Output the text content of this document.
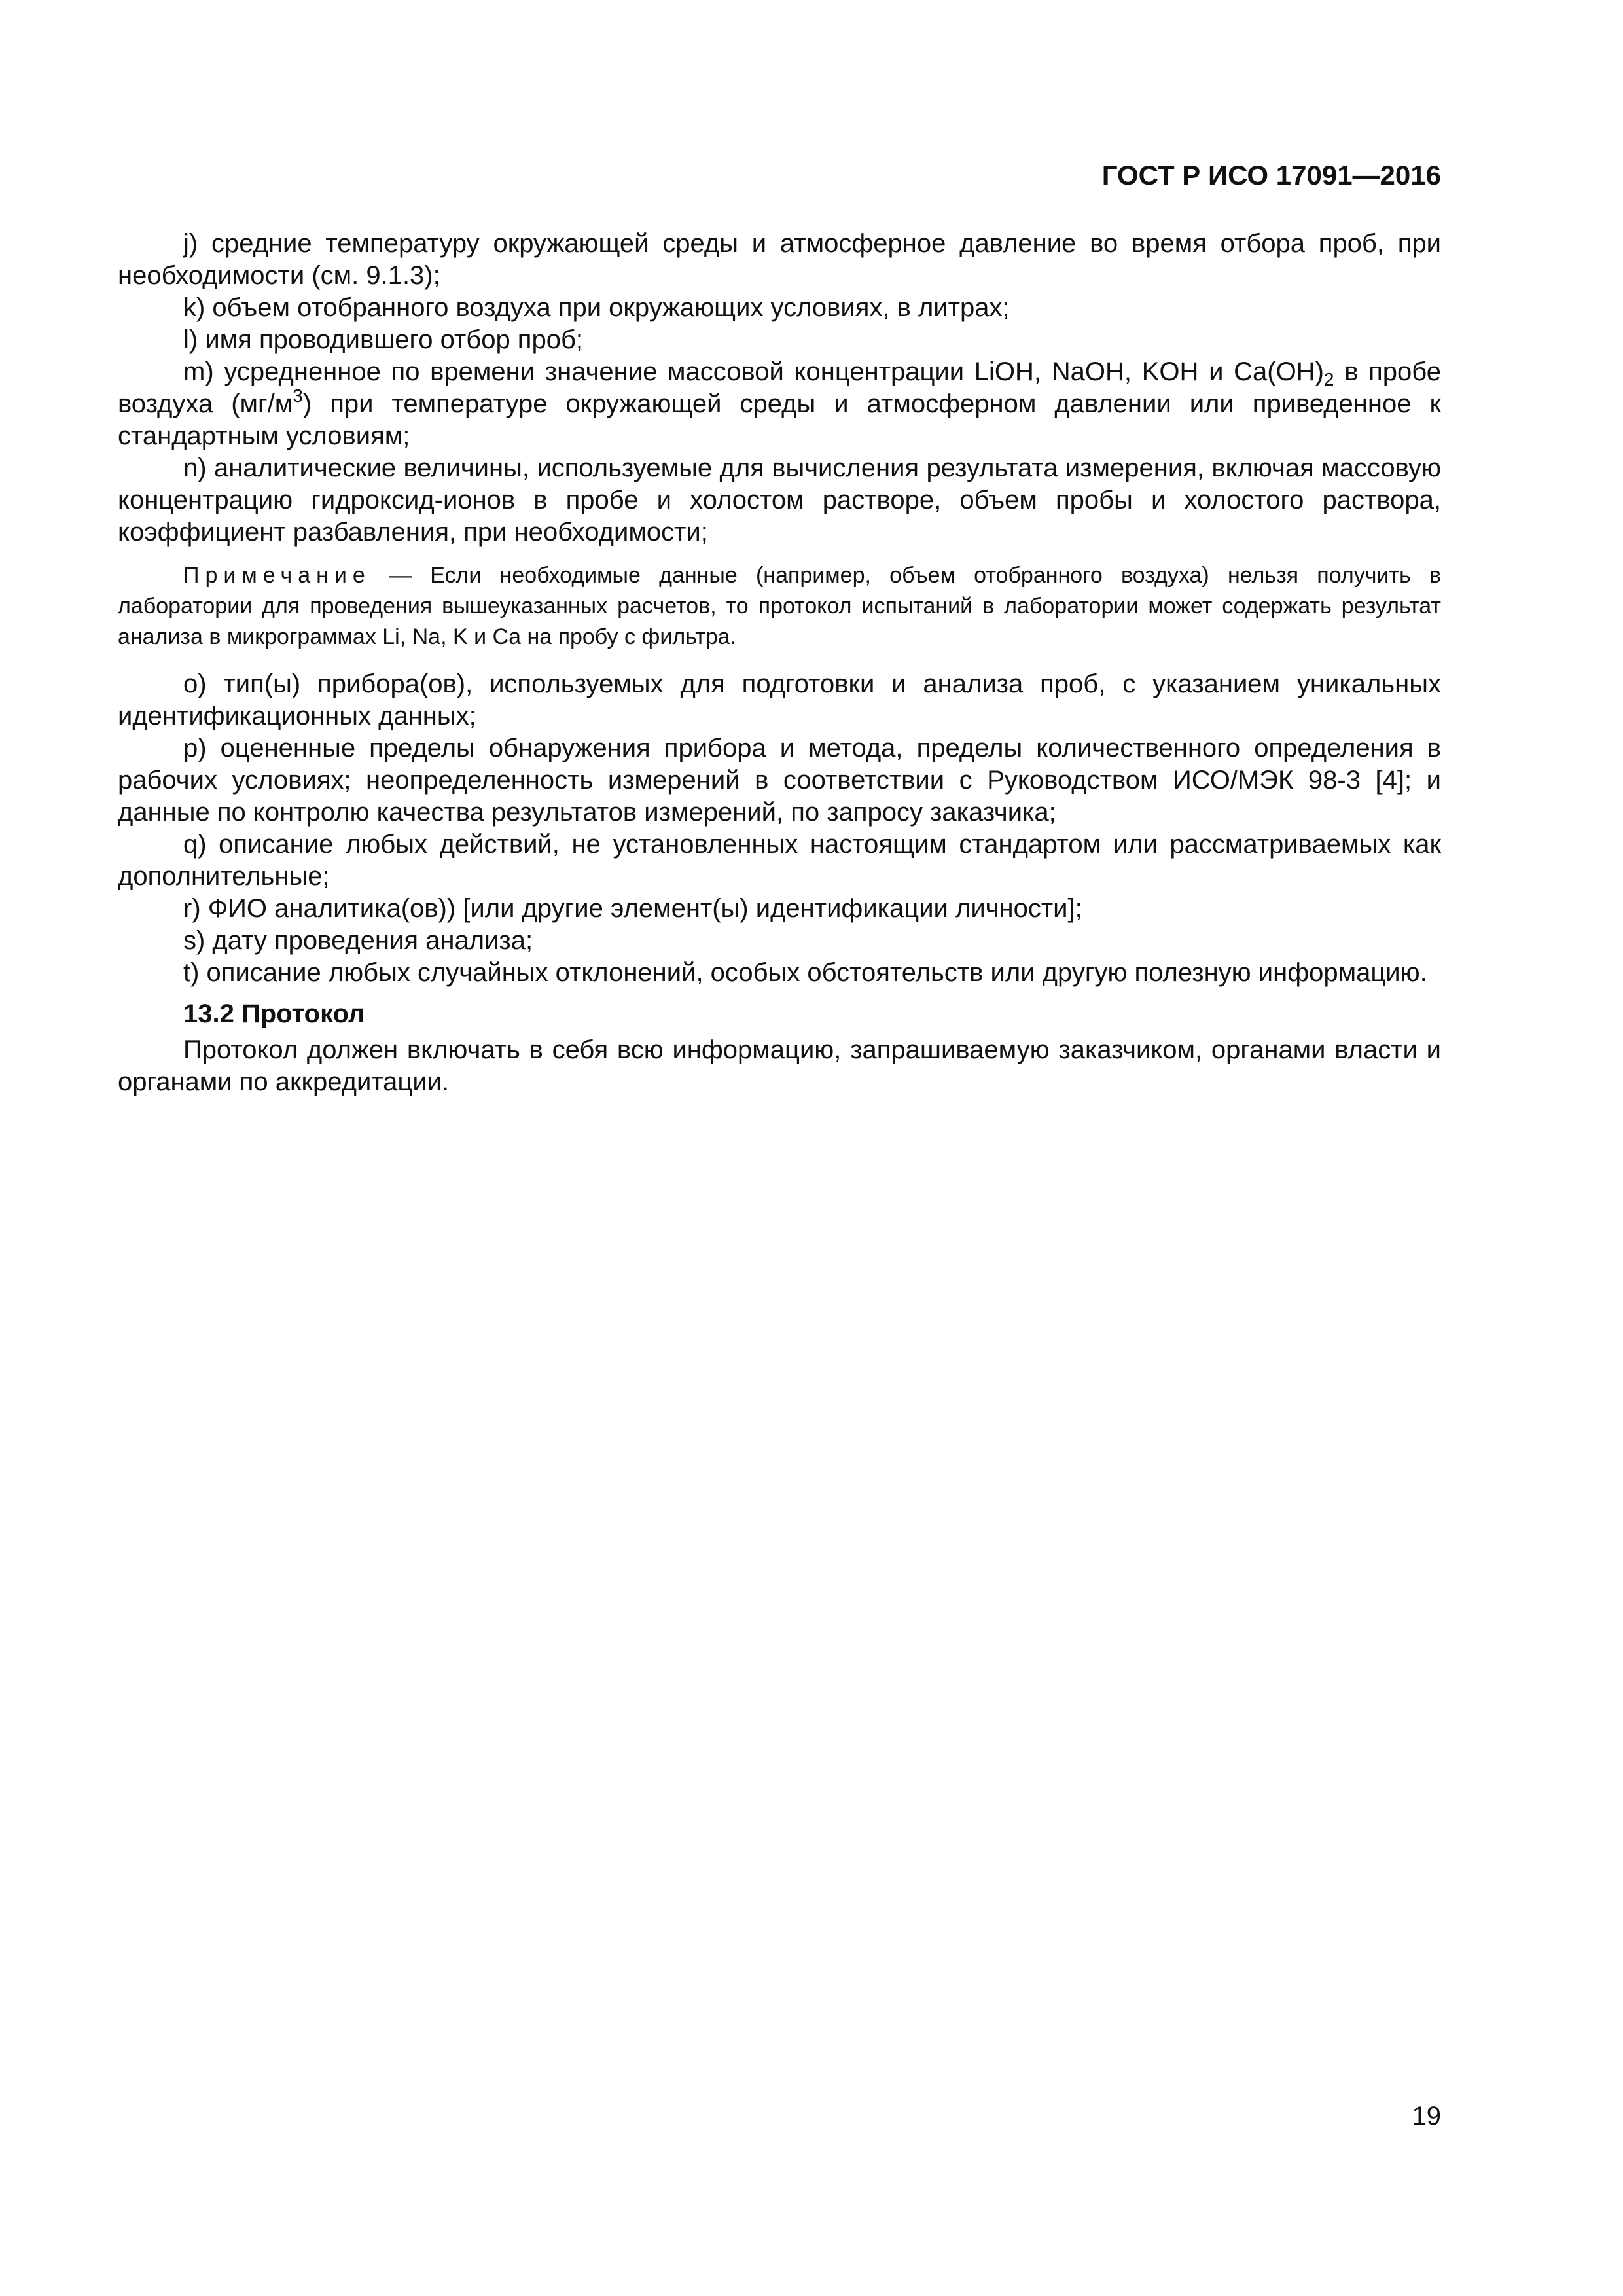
ГОСТ Р ИСО 17091—2016

j) средние температуру окружающей среды и атмосферное давление во время отбора проб, при необходимости (см. 9.1.3);

k) объем отобранного воздуха при окружающих условиях, в литрах;

l) имя проводившего отбор проб;

m) усредненное по времени значение массовой концентрации LiOH, NaOH, KOH и $Ca(OH)_2$ в пробе воздуха $(мг/м^3)$ при температуре окружающей среды и атмосферном давлении или приведенное к стандартным условиям;

n) аналитические величины, используемые для вычисления результата измерения, включая массовую концентрацию гидроксид-ионов в пробе и холостом растворе, объем пробы и холостого раствора, коэффициент разбавления, при необходимости;

Примечание — Если необходимые данные (например, объем отобранного воздуха) нельзя получить в лаборатории для проведения вышеуказанных расчетов, то протокол испытаний в лаборатории может содержать результат анализа в микрограммах Li, Na, K и Ca на пробу с фильтра.

o) тип(ы) прибора(ов), используемых для подготовки и анализа проб, с указанием уникальных идентификационных данных;

p) оцененные пределы обнаружения прибора и метода, пределы количественного определения в рабочих условиях; неопределенность измерений в соответствии с Руководством ИСО/МЭК 98-3 [4]; и данные по контролю качества результатов измерений, по запросу заказчика;

q) описание любых действий, не установленных настоящим стандартом или рассматриваемых как дополнительные;

r) ФИО аналитика(ов)) [или другие элемент(ы) идентификации личности];

s) дату проведения анализа;

t) описание любых случайных отклонений, особых обстоятельств или другую полезную информацию.

13.2 Протокол

Протокол должен включать в себя всю информацию, запрашиваемую заказчиком, органами власти и органами по аккредитации.

19
